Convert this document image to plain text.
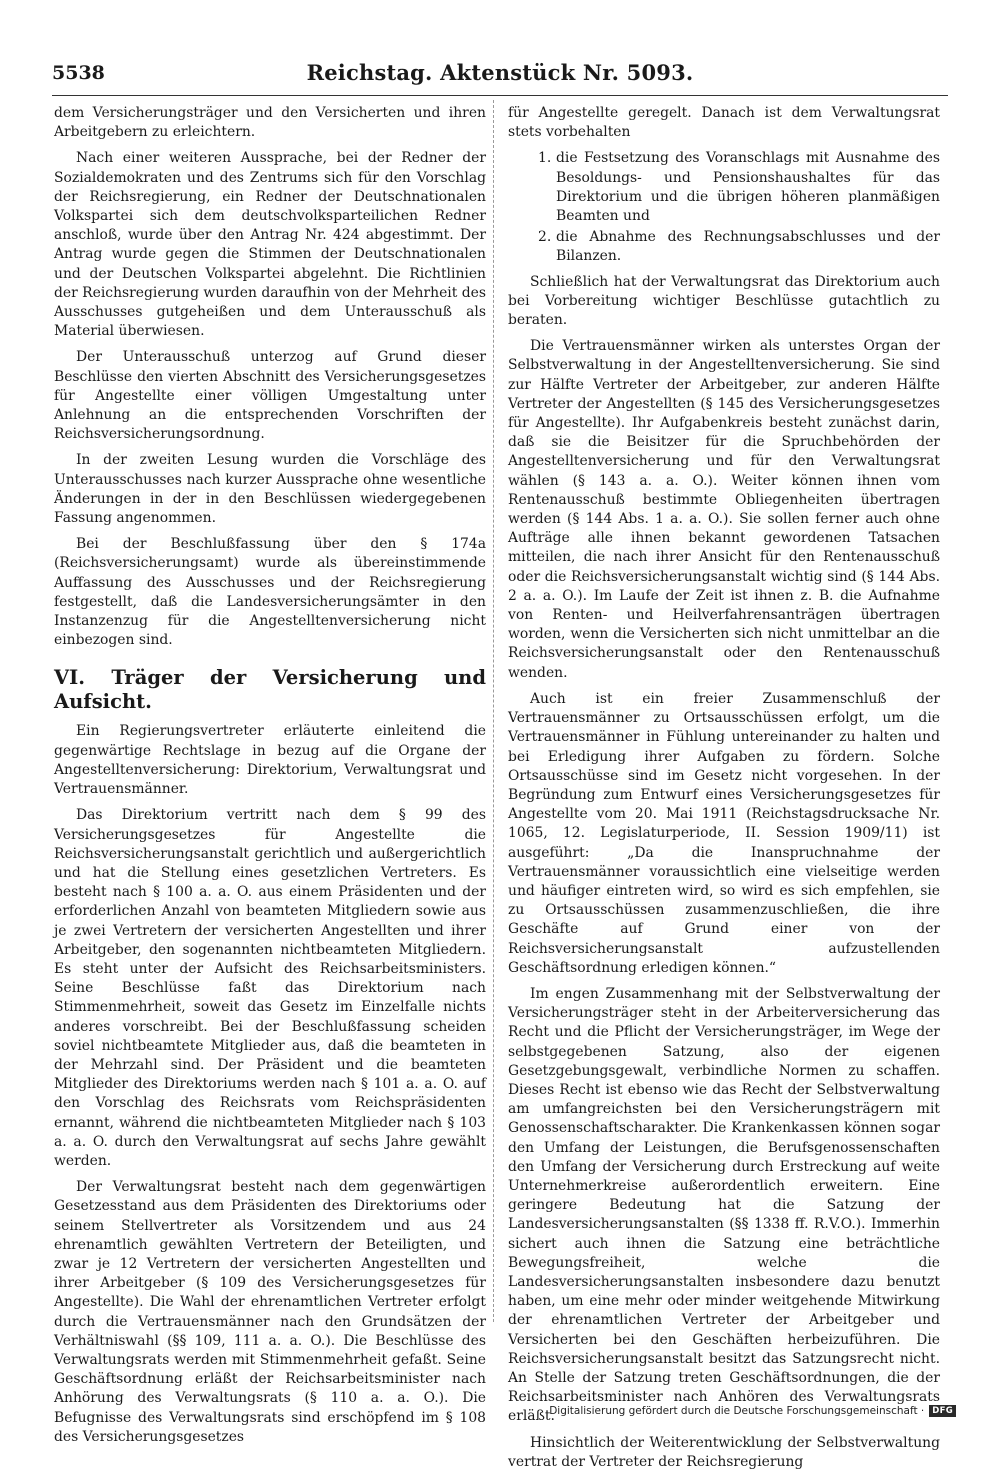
5538	Reichstag. Aktenstück Nr. 5093.

dem Versicherungsträger und den Versicherten und ihren Arbeitgebern zu erleichtern.

Nach einer weiteren Aussprache, bei der Redner der Sozialdemokraten und des Zentrums sich für den Vorschlag der Reichsregierung, ein Redner der Deutschnationalen Volkspartei sich dem deutschvolksparteilichen Redner anschloß, wurde über den Antrag Nr. 424 abgestimmt. Der Antrag wurde gegen die Stimmen der Deutschnationalen und der Deutschen Volkspartei abgelehnt. Die Richtlinien der Reichsregierung wurden daraufhin von der Mehrheit des Ausschusses gutgeheißen und dem Unterausschuß als Material überwiesen.

Der Unterausschuß unterzog auf Grund dieser Beschlüsse den vierten Abschnitt des Versicherungsgesetzes für Angestellte einer völligen Umgestaltung unter Anlehnung an die entsprechenden Vorschriften der Reichsversicherungsordnung.

In der zweiten Lesung wurden die Vorschläge des Unterausschusses nach kurzer Aussprache ohne wesentliche Änderungen in der in den Beschlüssen wiedergegebenen Fassung angenommen.

Bei der Beschlußfassung über den § 174a (Reichsversicherungsamt) wurde als übereinstimmende Auffassung des Ausschusses und der Reichsregierung festgestellt, daß die Landesversicherungsämter in den Instanzenzug für die Angestelltenversicherung nicht einbezogen sind.

VI. Träger der Versicherung und Aufsicht.

Ein Regierungsvertreter erläuterte einleitend die gegenwärtige Rechtslage in bezug auf die Organe der Angestelltenversicherung: Direktorium, Verwaltungsrat und Vertrauensmänner.

Das Direktorium vertritt nach dem § 99 des Versicherungsgesetzes für Angestellte die Reichsversicherungsanstalt gerichtlich und außergerichtlich und hat die Stellung eines gesetzlichen Vertreters. Es besteht nach § 100 a. a. O. aus einem Präsidenten und der erforderlichen Anzahl von beamteten Mitgliedern sowie aus je zwei Vertretern der versicherten Angestellten und ihrer Arbeitgeber, den sogenannten nichtbeamteten Mitgliedern. Es steht unter der Aufsicht des Reichsarbeitsministers. Seine Beschlüsse faßt das Direktorium nach Stimmenmehrheit, soweit das Gesetz im Einzelfalle nichts anderes vorschreibt. Bei der Beschlußfassung scheiden soviel nichtbeamtete Mitglieder aus, daß die beamteten in der Mehrzahl sind. Der Präsident und die beamteten Mitglieder des Direktoriums werden nach § 101 a. a. O. auf den Vorschlag des Reichsrats vom Reichspräsidenten ernannt, während die nichtbeamteten Mitglieder nach § 103 a. a. O. durch den Verwaltungsrat auf sechs Jahre gewählt werden.

Der Verwaltungsrat besteht nach dem gegenwärtigen Gesetzesstand aus dem Präsidenten des Direktoriums oder seinem Stellvertreter als Vorsitzendem und aus 24 ehrenamtlich gewählten Vertretern der Beteiligten, und zwar je 12 Vertretern der versicherten Angestellten und ihrer Arbeitgeber (§ 109 des Versicherungsgesetzes für Angestellte). Die Wahl der ehrenamtlichen Vertreter erfolgt durch die Vertrauensmänner nach den Grundsätzen der Verhältniswahl (§§ 109, 111 a. a. O.). Die Beschlüsse des Verwaltungsrats werden mit Stimmenmehrheit gefaßt. Seine Geschäftsordnung erläßt der Reichsarbeitsminister nach Anhörung des Verwaltungsrats (§ 110 a. a. O.). Die Befugnisse des Verwaltungsrats sind erschöpfend im § 108 des Versicherungsgesetzes

für Angestellte geregelt. Danach ist dem Verwaltungsrat stets vorbehalten

1. die Festsetzung des Voranschlags mit Ausnahme des Besoldungs- und Pensionshaushaltes für das Direktorium und die übrigen höheren planmäßigen Beamten und
2. die Abnahme des Rechnungsabschlusses und der Bilanzen.

Schließlich hat der Verwaltungsrat das Direktorium auch bei Vorbereitung wichtiger Beschlüsse gutachtlich zu beraten.

Die Vertrauensmänner wirken als unterstes Organ der Selbstverwaltung in der Angestelltenversicherung. Sie sind zur Hälfte Vertreter der Arbeitgeber, zur anderen Hälfte Vertreter der Angestellten (§ 145 des Versicherungsgesetzes für Angestellte). Ihr Aufgabenkreis besteht zunächst darin, daß sie die Beisitzer für die Spruchbehörden der Angestelltenversicherung und für den Verwaltungsrat wählen (§ 143 a. a. O.). Weiter können ihnen vom Rentenausschuß bestimmte Obliegenheiten übertragen werden (§ 144 Abs. 1 a. a. O.). Sie sollen ferner auch ohne Aufträge alle ihnen bekannt gewordenen Tatsachen mitteilen, die nach ihrer Ansicht für den Rentenausschuß oder die Reichsversicherungsanstalt wichtig sind (§ 144 Abs. 2 a. a. O.). Im Laufe der Zeit ist ihnen z. B. die Aufnahme von Renten- und Heilverfahrensanträgen übertragen worden, wenn die Versicherten sich nicht unmittelbar an die Reichsversicherungsanstalt oder den Rentenausschuß wenden.

Auch ist ein freier Zusammenschluß der Vertrauensmänner zu Ortsausschüssen erfolgt, um die Vertrauensmänner in Fühlung untereinander zu halten und bei Erledigung ihrer Aufgaben zu fördern. Solche Ortsausschüsse sind im Gesetz nicht vorgesehen. In der Begründung zum Entwurf eines Versicherungsgesetzes für Angestellte vom 20. Mai 1911 (Reichstagsdrucksache Nr. 1065, 12. Legislaturperiode, II. Session 1909/11) ist ausgeführt: „Da die Inanspruchnahme der Vertrauensmänner voraussichtlich eine vielseitige werden und häufiger eintreten wird, so wird es sich empfehlen, sie zu Ortsausschüssen zusammenzuschließen, die ihre Geschäfte auf Grund einer von der Reichsversicherungsanstalt aufzustellenden Geschäftsordnung erledigen können.“

Im engen Zusammenhang mit der Selbstverwaltung der Versicherungsträger steht in der Arbeiterversicherung das Recht und die Pflicht der Versicherungsträger, im Wege der selbstgegebenen Satzung, also der eigenen Gesetzgebungsgewalt, verbindliche Normen zu schaffen. Dieses Recht ist ebenso wie das Recht der Selbstverwaltung am umfangreichsten bei den Versicherungsträgern mit Genossenschaftscharakter. Die Krankenkassen können sogar den Umfang der Leistungen, die Berufsgenossenschaften den Umfang der Versicherung durch Erstreckung auf weite Unternehmerkreise außerordentlich erweitern. Eine geringere Bedeutung hat die Satzung der Landesversicherungsanstalten (§§ 1338 ff. R.V.O.). Immerhin sichert auch ihnen die Satzung eine beträchtliche Bewegungsfreiheit, welche die Landesversicherungsanstalten insbesondere dazu benutzt haben, um eine mehr oder minder weitgehende Mitwirkung der ehrenamtlichen Vertreter der Arbeitgeber und Versicherten bei den Geschäften herbeizuführen. Die Reichsversicherungsanstalt besitzt das Satzungsrecht nicht. An Stelle der Satzung treten Geschäftsordnungen, die der Reichsarbeitsminister nach Anhören des Verwaltungsrats erläßt.

Hinsichtlich der Weiterentwicklung der Selbstverwaltung vertrat der Vertreter der Reichsregierung

Digitalisierung gefördert durch die Deutsche Forschungsgemeinschaft · DFG
